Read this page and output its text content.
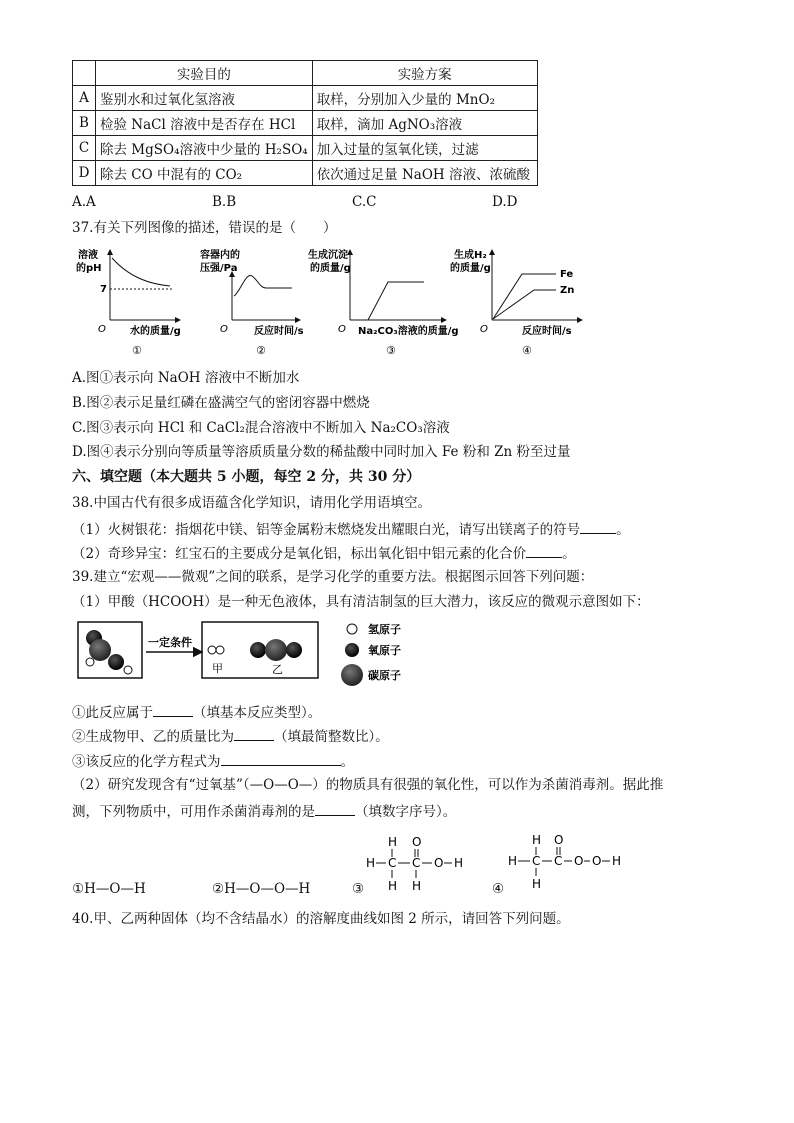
	实验目的	实验方案
A	鉴别水和过氧化氢溶液	取样，分别加入少量的 MnO₂
B	检验 NaCl 溶液中是否存在 HCl	取样，滴加 AgNO₃溶液
C	除去 MgSO₄溶液中少量的 H₂SO₄	加入过量的氢氧化镁，过滤
D	除去 CO 中混有的 CO₂	依次通过足量 NaOH 溶液、浓硫酸
A.A	B.B	C.C	D.D
37.有关下列图像的描述，错误的是（　　）
溶液
的pH
7
O 水的质量/g
①
容器内的
压强/Pa
O	反应时间/s
②
生成沉淀
的质量/g
O Na₂CO₃溶液的质量/g
③
生成H₂
的质量/g
Fe
Zn
O	反应时间/s
④
A.图①表示向 NaOH 溶液中不断加水
B.图②表示足量红磷在盛满空气的密闭容器中燃烧
C.图③表示向 HCl 和 CaCl₂混合溶液中不断加入 Na₂CO₃溶液
D.图④表示分别向等质量等溶质质量分数的稀盐酸中同时加入 Fe 粉和 Zn 粉至过量
六、填空题（本大题共 5 小题，每空 2 分，共 30 分）
38.中国古代有很多成语蕴含化学知识，请用化学用语填空。
（1）火树银花：指烟花中镁、铝等金属粉末燃烧发出耀眼白光，请写出镁离子的符号	。
（2）奇珍异宝：红宝石的主要成分是氧化铝，标出氧化铝中铝元素的化合价	。
39.建立“宏观——微观”之间的联系，是学习化学的重要方法。根据图示回答下列问题：
（1）甲酸（HCOOH）是一种无色液体，具有清洁制氢的巨大潜力，该反应的微观示意图如下：
一定条件
甲	乙
氢原子
氧原子
碳原子
①此反应属于	（填基本反应类型）。
②生成物甲、乙的质量比为	（填最简整数比）。
③该反应的化学方程式为	。
（2）研究发现含有“过氧基”（—O—O—）的物质具有很强的氧化性，可以作为杀菌消毒剂。据此推
测，下列物质中，可用作杀菌消毒剂的是	（填数字序号）。
①H—O—H	②H—O—O—H	③	④
H O
H C C O H
H H
H O
H C C O O H
H
40.甲、乙两种固体（均不含结晶水）的溶解度曲线如图 2 所示，请回答下列问题。
